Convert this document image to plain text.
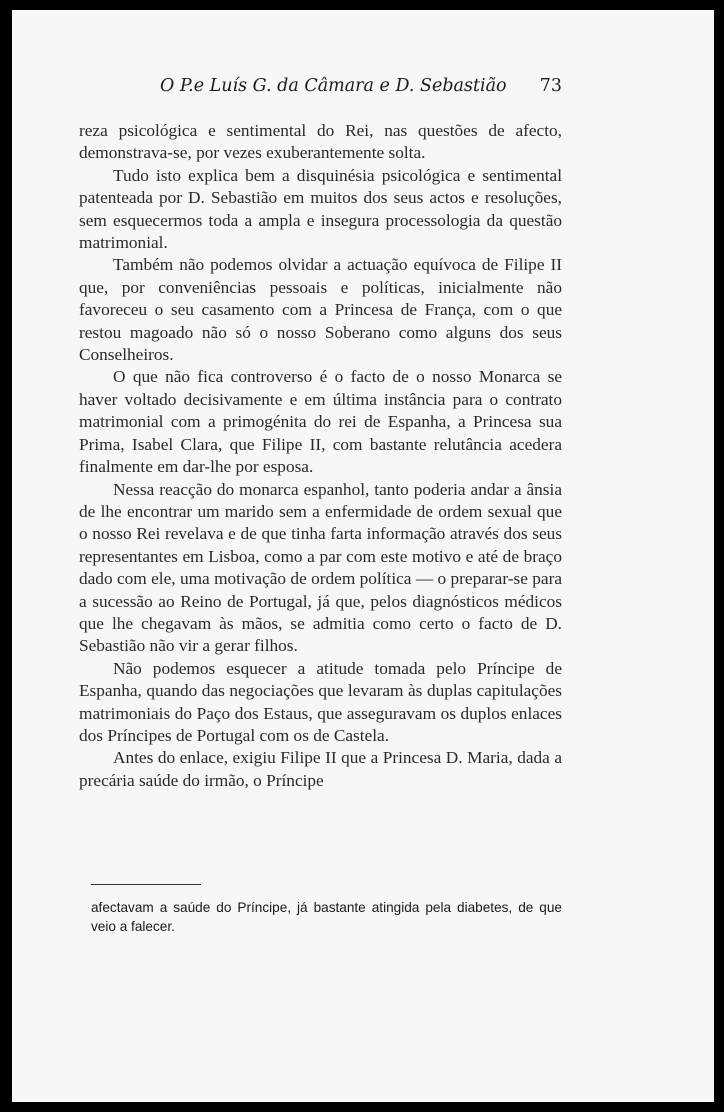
O P.e Luís G. da Câmara e D. Sebastião 73

reza psicológica e sentimental do Rei, nas questões de afecto, demonstrava-se, por vezes exuberantemente solta.

Tudo isto explica bem a disquinésia psicológica e sentimental patenteada por D. Sebastião em muitos dos seus actos e resoluções, sem esquecermos toda a ampla e insegura processologia da questão matrimonial.

Também não podemos olvidar a actuação equívoca de Filipe II que, por conveniências pessoais e políticas, inicialmente não favoreceu o seu casamento com a Princesa de França, com o que restou magoado não só o nosso Soberano como alguns dos seus Conselheiros.

O que não fica controverso é o facto de o nosso Monarca se haver voltado decisivamente e em última instância para o contrato matrimonial com a primogénita do rei de Espanha, a Princesa sua Prima, Isabel Clara, que Filipe II, com bastante relutância acedera finalmente em dar-lhe por esposa.

Nessa reacção do monarca espanhol, tanto poderia andar a ânsia de lhe encontrar um marido sem a enfermidade de ordem sexual que o nosso Rei revelava e de que tinha farta informação através dos seus representantes em Lisboa, como a par com este motivo e até de braço dado com ele, uma motivação de ordem política — o preparar-se para a sucessão ao Reino de Portugal, já que, pelos diagnósticos médicos que lhe chegavam às mãos, se admitia como certo o facto de D. Sebastião não vir a gerar filhos.

Não podemos esquecer a atitude tomada pelo Príncipe de Espanha, quando das negociações que levaram às duplas capitulações matrimoniais do Paço dos Estaus, que asseguravam os duplos enlaces dos Príncipes de Portugal com os de Castela.

Antes do enlace, exigiu Filipe II que a Princesa D. Maria, dada a precária saúde do irmão, o Príncipe

afectavam a saúde do Príncipe, já bastante atingida pela diabetes, de que veio a falecer.
